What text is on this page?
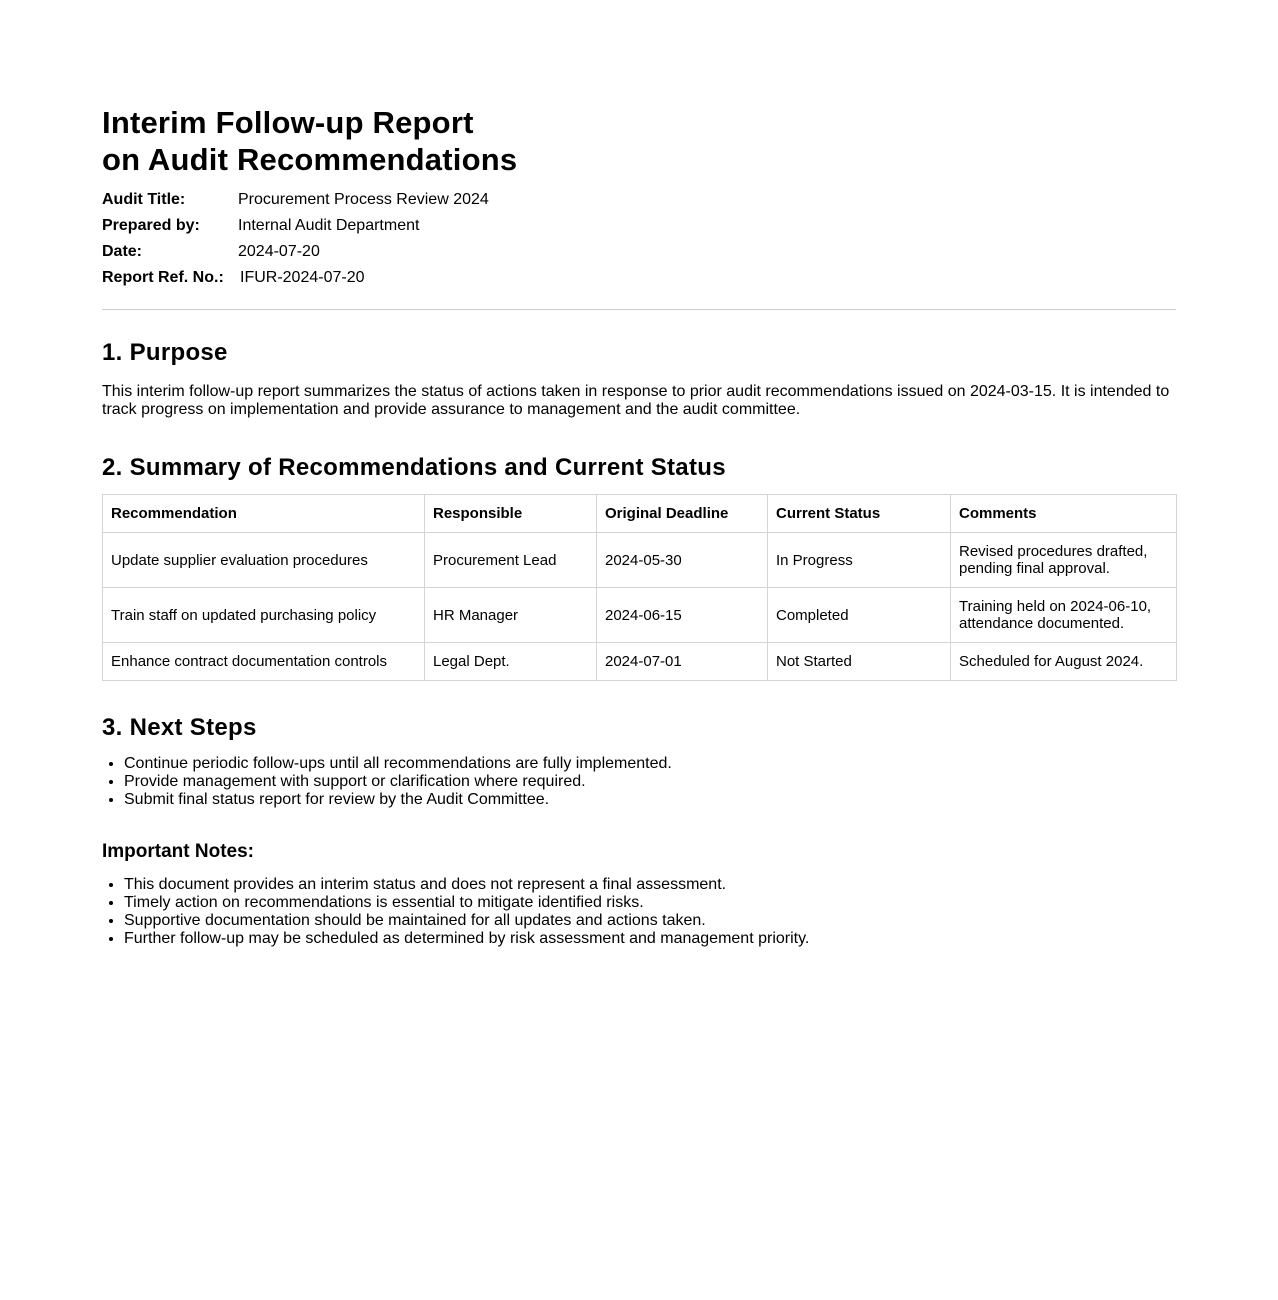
Interim Follow-up Report
on Audit Recommendations
Audit Title:	Procurement Process Review 2024
Prepared by: Internal Audit Department
Date:	2024-07-20
Report Ref. No.: IFUR-2024-07-20
1. Purpose

This interim follow-up report summarizes the status of actions taken in response to prior audit recommendations issued on 2024-03-15. It is intended to track progress on implementation and provide assurance to management and the audit committee.

2. Summary of Recommendations and Current Status
Recommendation	Responsible	Original Deadline	Current Status	Comments
Update supplier evaluation procedures	Procurement Lead	2024-05-30	In Progress	Revised procedures drafted, pending final approval.
Train staff on updated purchasing policy	HR Manager	2024-06-15	Completed	Training held on 2024-06-10, attendance documented.
Enhance contract documentation controls	Legal Dept.	2024-07-01	Not Started	Scheduled for August 2024.
3. Next Steps
• Continue periodic follow-ups until all recommendations are fully implemented.
• Provide management with support or clarification where required.
• Submit final status report for review by the Audit Committee.
Important Notes:
• This document provides an interim status and does not represent a final assessment.
• Timely action on recommendations is essential to mitigate identified risks.
• Supportive documentation should be maintained for all updates and actions taken.
• Further follow-up may be scheduled as determined by risk assessment and management priority.
